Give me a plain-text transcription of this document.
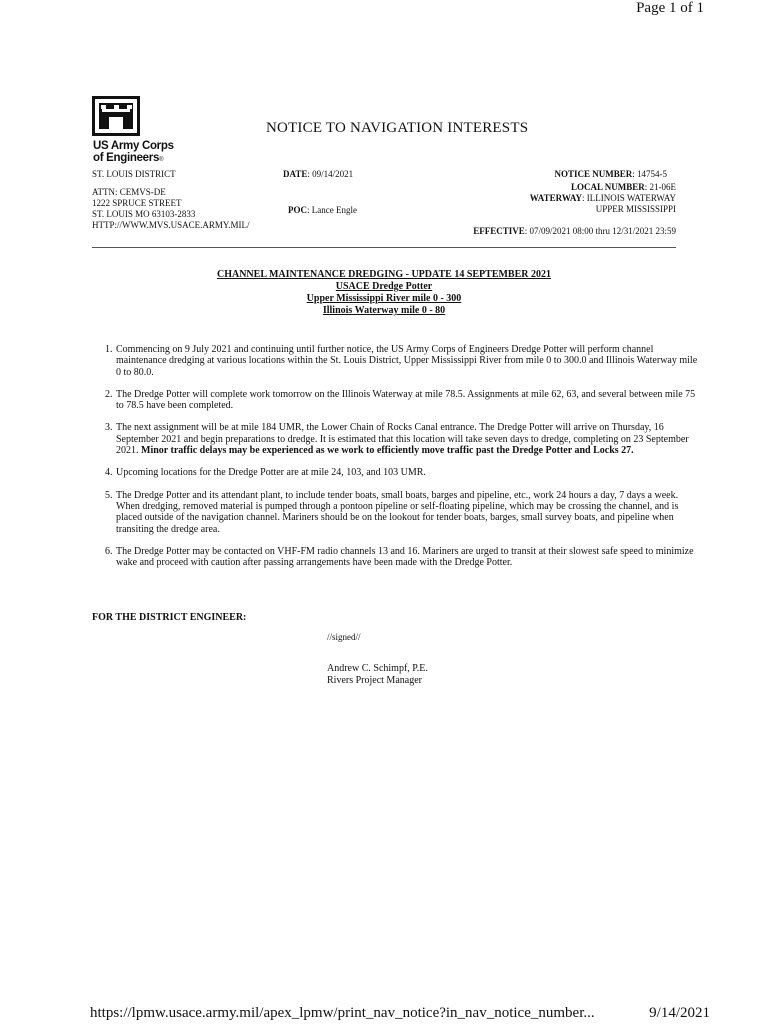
Page 1 of 1
US Army Corps
of Engineers®
NOTICE TO NAVIGATION INTERESTS
ST. LOUIS DISTRICT
ATTN: CEMVS-DE
1222 SPRUCE STREET
ST. LOUIS MO 63103-2833
HTTP://WWW.MVS.USACE.ARMY.MIL/
DATE: 09/14/2021
POC: Lance Engle
NOTICE NUMBER: 14754-5
LOCAL NUMBER: 21-06E
WATERWAY: ILLINOIS WATERWAY
UPPER MISSISSIPPI
EFFECTIVE: 07/09/2021 08:00 thru 12/31/2021 23:59
CHANNEL MAINTENANCE DREDGING - UPDATE 14 SEPTEMBER 2021
USACE Dredge Potter
Upper Mississippi River mile 0 - 300
Illinois Waterway mile 0 - 80
1. Commencing on 9 July 2021 and continuing until further notice, the US Army Corps of Engineers Dredge Potter will perform channel maintenance dredging at various locations within the St. Louis District, Upper Mississippi River from mile 0 to 300.0 and Illinois Waterway mile 0 to 80.0.
2. The Dredge Potter will complete work tomorrow on the Illinois Waterway at mile 78.5. Assignments at mile 62, 63, and several between mile 75 to 78.5 have been completed.
3. The next assignment will be at mile 184 UMR, the Lower Chain of Rocks Canal entrance. The Dredge Potter will arrive on Thursday, 16 September 2021 and begin preparations to dredge. It is estimated that this location will take seven days to dredge, completing on 23 September 2021. Minor traffic delays may be experienced as we work to efficiently move traffic past the Dredge Potter and Locks 27.
4. Upcoming locations for the Dredge Potter are at mile 24, 103, and 103 UMR.
5. The Dredge Potter and its attendant plant, to include tender boats, small boats, barges and pipeline, etc., work 24 hours a day, 7 days a week. When dredging, removed material is pumped through a pontoon pipeline or self-floating pipeline, which may be crossing the channel, and is placed outside of the navigation channel. Mariners should be on the lookout for tender boats, barges, small survey boats, and pipeline when transiting the dredge area.
6. The Dredge Potter may be contacted on VHF-FM radio channels 13 and 16. Mariners are urged to transit at their slowest safe speed to minimize wake and proceed with caution after passing arrangements have been made with the Dredge Potter.
FOR THE DISTRICT ENGINEER:
//signed//
Andrew C. Schimpf, P.E.
Rivers Project Manager
https://lpmw.usace.army.mil/apex_lpmw/print_nav_notice?in_nav_notice_number...	9/14/2021
